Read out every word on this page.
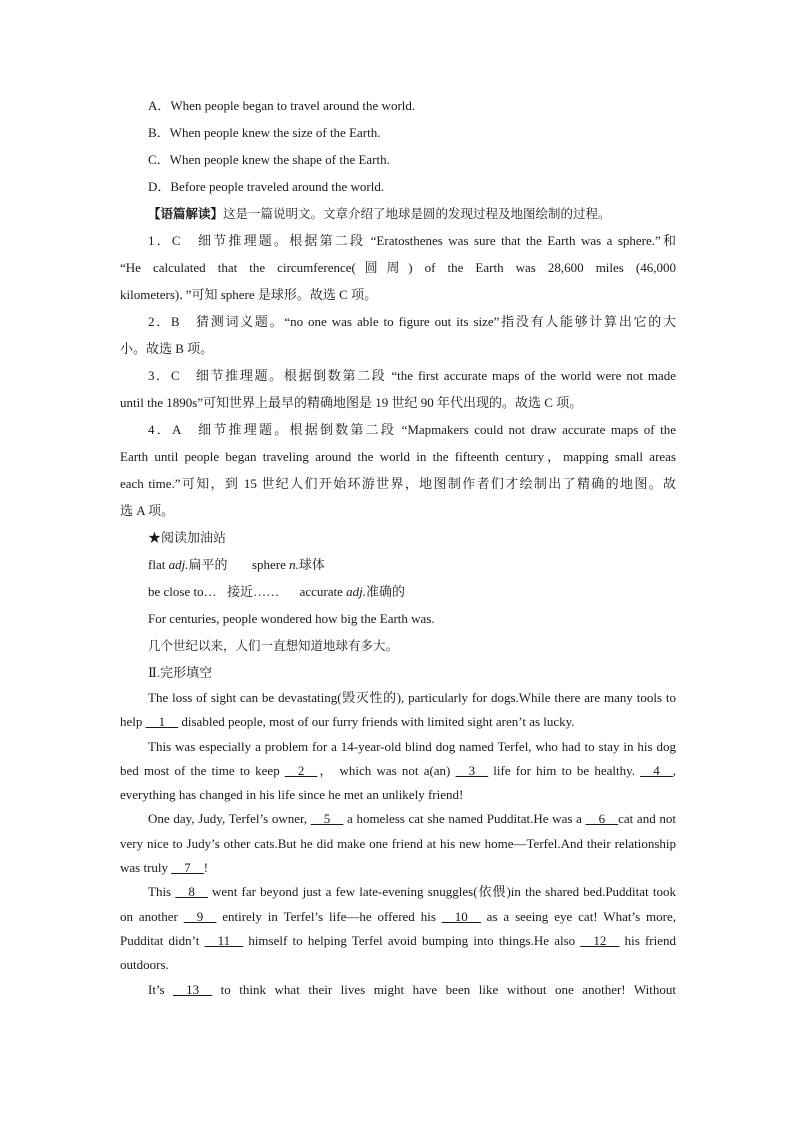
A．When people began to travel around the world.
B．When people knew the size of the Earth.
C．When people knew the shape of the Earth.
D．Before people traveled around the world.
【语篇解读】这是一篇说明文。文章介绍了地球是圆的发现过程及地图绘制的过程。
1．C　细节推理题。根据第二段 “Eratosthenes was sure that the Earth was a sphere.”和
“He calculated that the circumference(圆周) of the Earth was 28,600 miles (46,000
kilometers)．”可知 sphere 是球形。故选 C 项。
2．B　猜测词义题。“no one was able to figure out its size”指没有人能够计算出它的大
小。故选 B 项。
3．C　细节推理题。根据倒数第二段 “the first accurate maps of the world were not made
until the 1890s”可知世界上最早的精确地图是 19 世纪 90 年代出现的。故选 C 项。
4．A　细节推理题。根据倒数第二段 “Mapmakers could not draw accurate maps of the
Earth until people began traveling around the world in the fifteenth century，mapping small areas
each time.”可知，到 15 世纪人们开始环游世界，地图制作者们才绘制出了精确的地图。故
选 A 项。
★阅读加油站
flat adj.扁平的 sphere n.球体
be close to… 接近…… accurate adj.准确的
For centuries, people wondered how big the Earth was.
几个世纪以来，人们一直想知道地球有多大。
Ⅱ.完形填空
The loss of sight can be devastating(毁灭性的), particularly for dogs.While there are many tools to help __1__ disabled people, most of our furry friends with limited sight aren’t as lucky.
This was especially a problem for a 14-year-old blind dog named Terfel, who had to stay in his dog bed most of the time to keep __2__， which was not a(an) __3__ life for him to be healthy. __4__, everything has changed in his life since he met an unlikely friend!
One day, Judy, Terfel’s owner, __5__ a homeless cat she named Pudditat.He was a __6__cat and not very nice to Judy’s other cats.But he did make one friend at his new home—Terfel.And their relationship was truly __7__!
This __8__ went far beyond just a few late-evening snuggles(依偎)in the shared bed.Pudditat took on another __9__ entirely in Terfel’s life—he offered his __10__ as a seeing eye cat! What’s more, Pudditat didn’t __11__ himself to helping Terfel avoid bumping into things.He also __12__ his friend outdoors.
It’s __13__ to think what their lives might have been like without one another! Without
